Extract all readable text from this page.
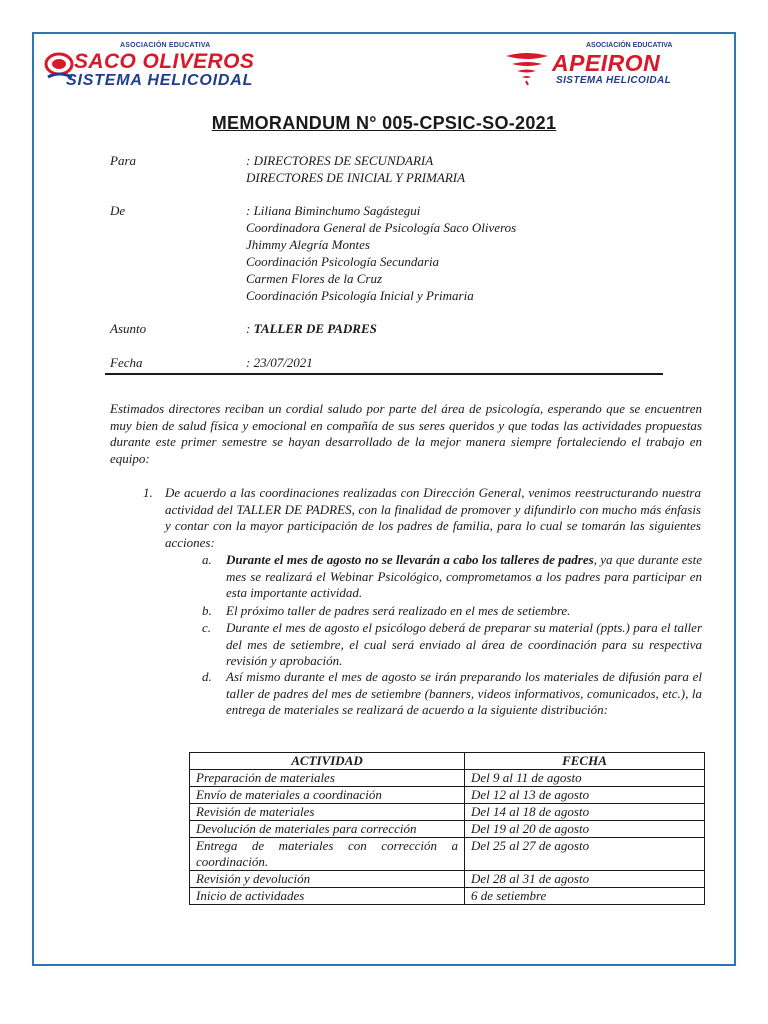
ASOCIACIÓN EDUCATIVA
SACO OLIVEROS
SISTEMA HELICOIDAL
ASOCIACIÓN EDUCATIVA
APEIRON
SISTEMA HELICOIDAL
MEMORANDUM N° 005-CPSIC-SO-2021
Para	: DIRECTORES DE SECUNDARIA
DIRECTORES DE INICIAL Y PRIMARIA
De	: Liliana Biminchumo Sagástegui
Coordinadora General de Psicología Saco Oliveros
Jhimmy Alegría Montes
Coordinación Psicología Secundaria
Carmen Flores de la Cruz
Coordinación Psicología Inicial y Primaria
Asunto	: TALLER DE PADRES
Fecha	: 23/07/2021
Estimados directores reciban un cordial saludo por parte del área de psicología, esperando que se encuentren muy bien de salud física y emocional en compañía de sus seres queridos y que todas las actividades propuestas durante este primer semestre se hayan desarrollado de la mejor manera siempre fortaleciendo el trabajo en equipo:
1. De acuerdo a las coordinaciones realizadas con Dirección General, venimos reestructurando nuestra actividad del TALLER DE PADRES, con la finalidad de promover y difundirlo con mucho más énfasis y contar con la mayor participación de los padres de familia, para lo cual se tomarán las siguientes acciones:
a. Durante el mes de agosto no se llevarán a cabo los talleres de padres, ya que durante este mes se realizará el Webinar Psicológico, comprometamos a los padres para participar en esta importante actividad.
b. El próximo taller de padres será realizado en el mes de setiembre.
c. Durante el mes de agosto el psicólogo deberá de preparar su material (ppts.) para el taller del mes de setiembre, el cual será enviado al área de coordinación para su respectiva revisión y aprobación.
d. Así mismo durante el mes de agosto se irán preparando los materiales de difusión para el taller de padres del mes de setiembre (banners, videos informativos, comunicados, etc.), la entrega de materiales se realizará de acuerdo a la siguiente distribución:
ACTIVIDAD	FECHA
Preparación de materiales	Del 9 al 11 de agosto
Envío de materiales a coordinación	Del 12 al 13 de agosto
Revisión de materiales	Del 14 al 18 de agosto
Devolución de materiales para corrección	Del 19 al 20 de agosto
Entrega de materiales con corrección a coordinación.	Del 25 al 27 de agosto
Revisión y devolución	Del 28 al 31 de agosto
Inicio de actividades	6 de setiembre
